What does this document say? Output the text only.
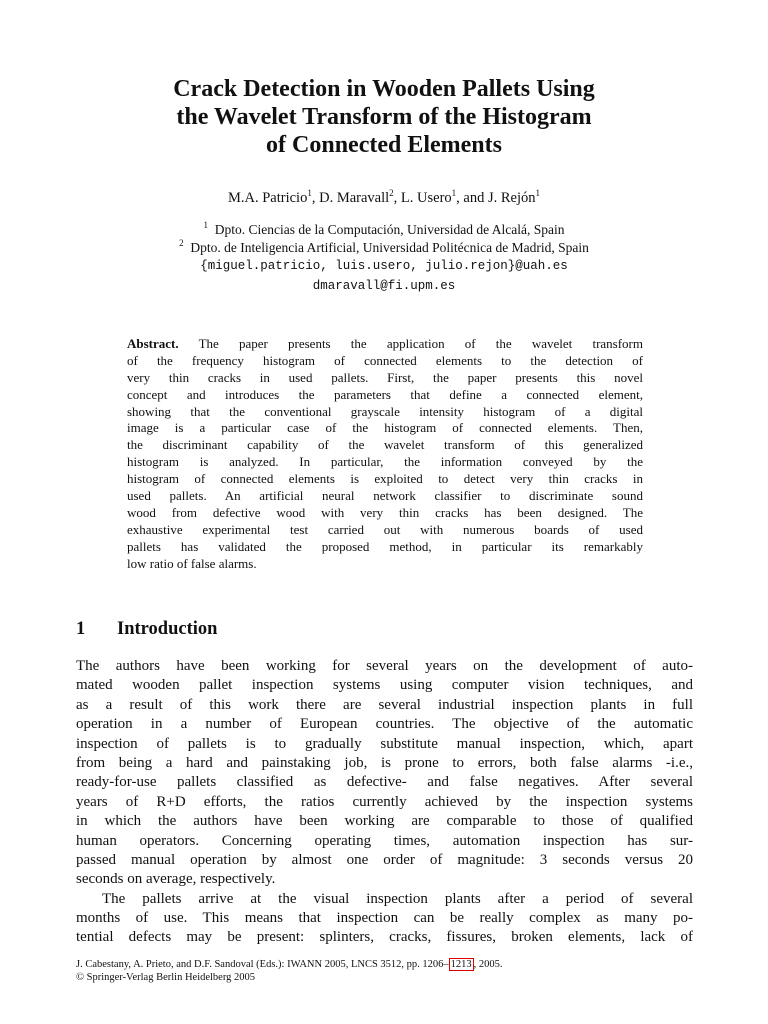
Crack Detection in Wooden Pallets Using
the Wavelet Transform of the Histogram
of Connected Elements
M.A. Patricio$^1$, D. Maravall$^2$, L. Usero$^1$, and J. Rejón$^1$
$^1$ Dpto. Ciencias de la Computación, Universidad de Alcalá, Spain
$^2$ Dpto. de Inteligencia Artificial, Universidad Politécnica de Madrid, Spain
{miguel.patricio, luis.usero, julio.rejon}@uah.es
dmaravall@fi.upm.es
Abstract. The paper presents the application of the wavelet transform
of the frequency histogram of connected elements to the detection of
very thin cracks in used pallets. First, the paper presents this novel
concept and introduces the parameters that define a connected element,
showing that the conventional grayscale intensity histogram of a digital
image is a particular case of the histogram of connected elements. Then,
the discriminant capability of the wavelet transform of this generalized
histogram is analyzed. In particular, the information conveyed by the
histogram of connected elements is exploited to detect very thin cracks in
used pallets. An artificial neural network classifier to discriminate sound
wood from defective wood with very thin cracks has been designed. The
exhaustive experimental test carried out with numerous boards of used
pallets has validated the proposed method, in particular its remarkably
low ratio of false alarms.
1 Introduction
The authors have been working for several years on the development of auto-
mated wooden pallet inspection systems using computer vision techniques, and
as a result of this work there are several industrial inspection plants in full
operation in a number of European countries. The objective of the automatic
inspection of pallets is to gradually substitute manual inspection, which, apart
from being a hard and painstaking job, is prone to errors, both false alarms -i.e.,
ready-for-use pallets classified as defective- and false negatives. After several
years of R+D efforts, the ratios currently achieved by the inspection systems
in which the authors have been working are comparable to those of qualified
human operators. Concerning operating times, automation inspection has sur-
passed manual operation by almost one order of magnitude: 3 seconds versus 20
seconds on average, respectively.
The pallets arrive at the visual inspection plants after a period of several
months of use. This means that inspection can be really complex as many po-
tential defects may be present: splinters, cracks, fissures, broken elements, lack of
J. Cabestany, A. Prieto, and D.F. Sandoval (Eds.): IWANN 2005, LNCS 3512, pp. 1206– 1213 , 2005.
© Springer-Verlag Berlin Heidelberg 2005
